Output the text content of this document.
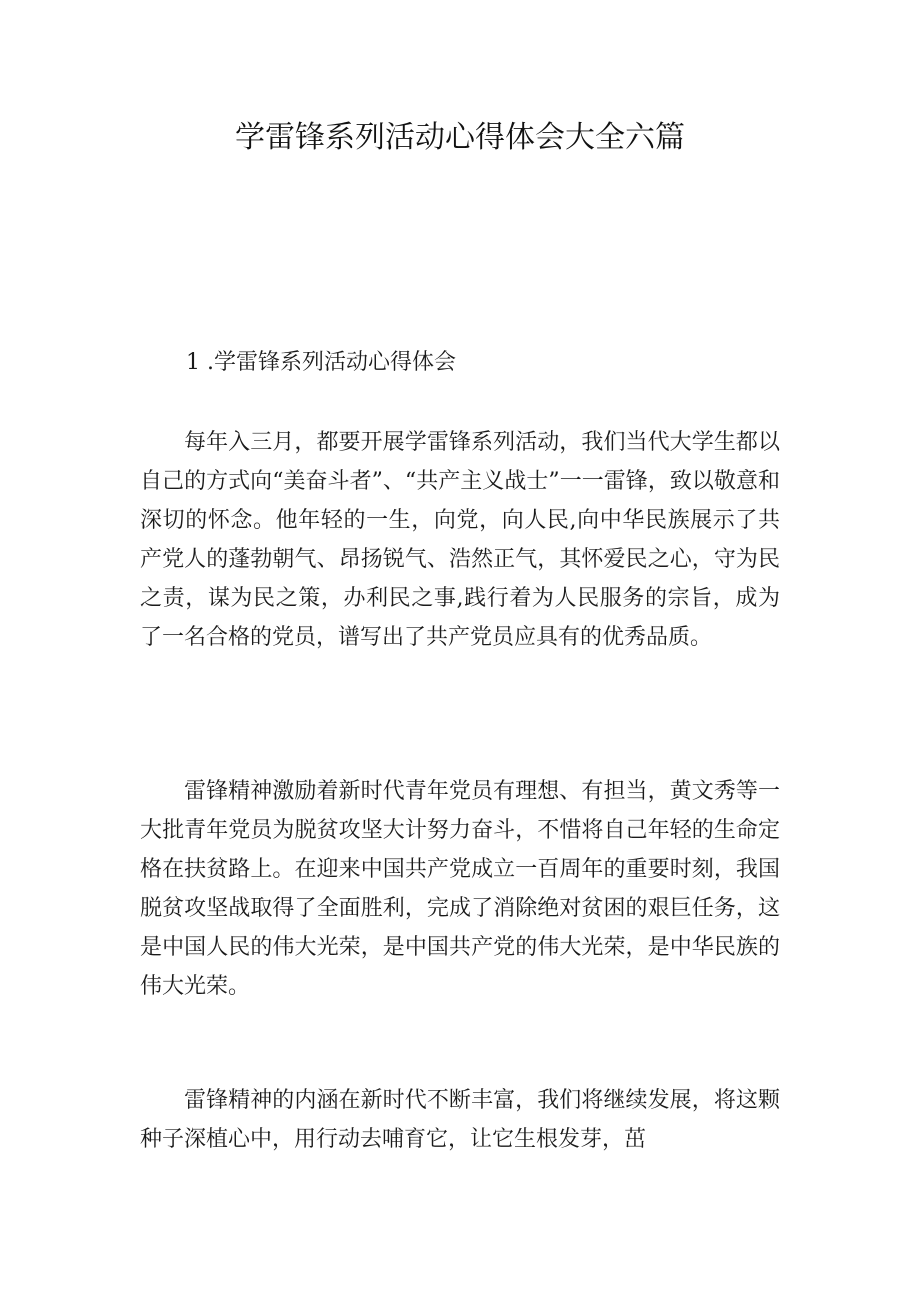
学雷锋系列活动心得体会大全六篇
1 .学雷锋系列活动心得体会

每年入三月，都要开展学雷锋系列活动，我们当代大学生都以自己的方式向“美奋斗者”、“共产主义战士”一一雷锋，致以敬意和深切的怀念。他年轻的一生，向党，向人民,向中华民族展示了共产党人的蓬勃朝气、昂扬锐气、浩然正气，其怀爱民之心，守为民之责，谋为民之策，办利民之事,践行着为人民服务的宗旨，成为了一名合格的党员，谱写出了共产党员应具有的优秀品质。

雷锋精神激励着新时代青年党员有理想、有担当，黄文秀等一大批青年党员为脱贫攻坚大计努力奋斗，不惜将自己年轻的生命定格在扶贫路上。在迎来中国共产党成立一百周年的重要时刻，我国脱贫攻坚战取得了全面胜利，完成了消除绝对贫困的艰巨任务，这是中国人民的伟大光荣，是中国共产党的伟大光荣，是中华民族的伟大光荣。

雷锋精神的内涵在新时代不断丰富，我们将继续发展，将这颗种子深植心中，用行动去哺育它，让它生根发芽，茁
